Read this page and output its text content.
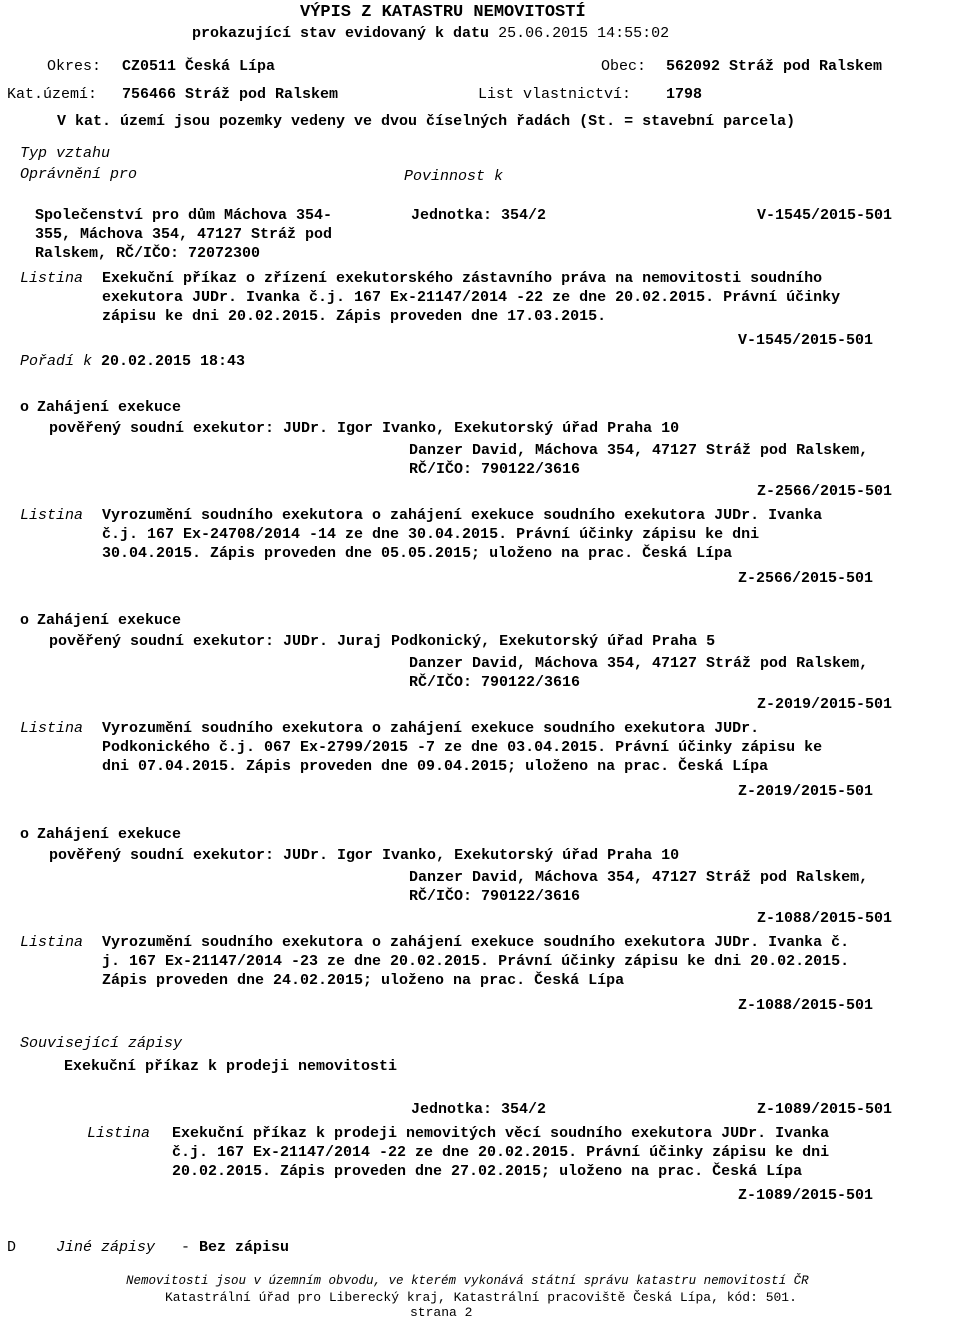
VÝPIS Z KATASTRU NEMOVITOSTÍ
prokazující stav evidovaný k datu 25.06.2015 14:55:02
Okres: CZ0511 Česká Lípa	Obec: 562092 Stráž pod Ralskem
Kat.území: 756466 Stráž pod Ralskem	List vlastnictví: 1798
V kat. území jsou pozemky vedeny ve dvou číselných řadách (St. = stavební parcela)
Typ vztahu
Oprávnění pro	Povinnost k
Společenství pro dům Máchova 354-
355, Máchova 354, 47127 Stráž pod
Ralskem, RČ/IČO: 72072300
Jednotka: 354/2	V-1545/2015-501
Listina Exekuční příkaz o zřízení exekutorského zástavního práva na nemovitosti soudního
exekutora JUDr. Ivanka č.j. 167 Ex-21147/2014 -22 ze dne 20.02.2015. Právní účinky
zápisu ke dni 20.02.2015. Zápis proveden dne 17.03.2015.
V-1545/2015-501
Pořadí k 20.02.2015 18:43
o Zahájení exekuce
pověřený soudní exekutor: JUDr. Igor Ivanko, Exekutorský úřad Praha 10
Danzer David, Máchova 354, 47127 Stráž pod Ralskem,
RČ/IČO: 790122/3616
Z-2566/2015-501
Listina Vyrozumění soudního exekutora o zahájení exekuce soudního exekutora JUDr. Ivanka
č.j. 167 Ex-24708/2014 -14 ze dne 30.04.2015. Právní účinky zápisu ke dni
30.04.2015. Zápis proveden dne 05.05.2015; uloženo na prac. Česká Lípa
Z-2566/2015-501
o Zahájení exekuce
pověřený soudní exekutor: JUDr. Juraj Podkonický, Exekutorský úřad Praha 5
Danzer David, Máchova 354, 47127 Stráž pod Ralskem,
RČ/IČO: 790122/3616
Z-2019/2015-501
Listina Vyrozumění soudního exekutora o zahájení exekuce soudního exekutora JUDr.
Podkonického č.j. 067 Ex-2799/2015 -7 ze dne 03.04.2015. Právní účinky zápisu ke
dni 07.04.2015. Zápis proveden dne 09.04.2015; uloženo na prac. Česká Lípa
Z-2019/2015-501
o Zahájení exekuce
pověřený soudní exekutor: JUDr. Igor Ivanko, Exekutorský úřad Praha 10
Danzer David, Máchova 354, 47127 Stráž pod Ralskem,
RČ/IČO: 790122/3616
Z-1088/2015-501
Listina Vyrozumění soudního exekutora o zahájení exekuce soudního exekutora JUDr. Ivanka č.
j. 167 Ex-21147/2014 -23 ze dne 20.02.2015. Právní účinky zápisu ke dni 20.02.2015.
Zápis proveden dne 24.02.2015; uloženo na prac. Česká Lípa
Z-1088/2015-501
Související zápisy
Exekuční příkaz k prodeji nemovitosti
Jednotka: 354/2	Z-1089/2015-501
Listina Exekuční příkaz k prodeji nemovitých věcí soudního exekutora JUDr. Ivanka
č.j. 167 Ex-21147/2014 -22 ze dne 20.02.2015. Právní účinky zápisu ke dni
20.02.2015. Zápis proveden dne 27.02.2015; uloženo na prac. Česká Lípa
Z-1089/2015-501
D	Jiné zápisy - Bez zápisu
Nemovitosti jsou v územním obvodu, ve kterém vykonává státní správu katastru nemovitostí ČR
Katastrální úřad pro Liberecký kraj, Katastrální pracoviště Česká Lípa, kód: 501.
strana 2
